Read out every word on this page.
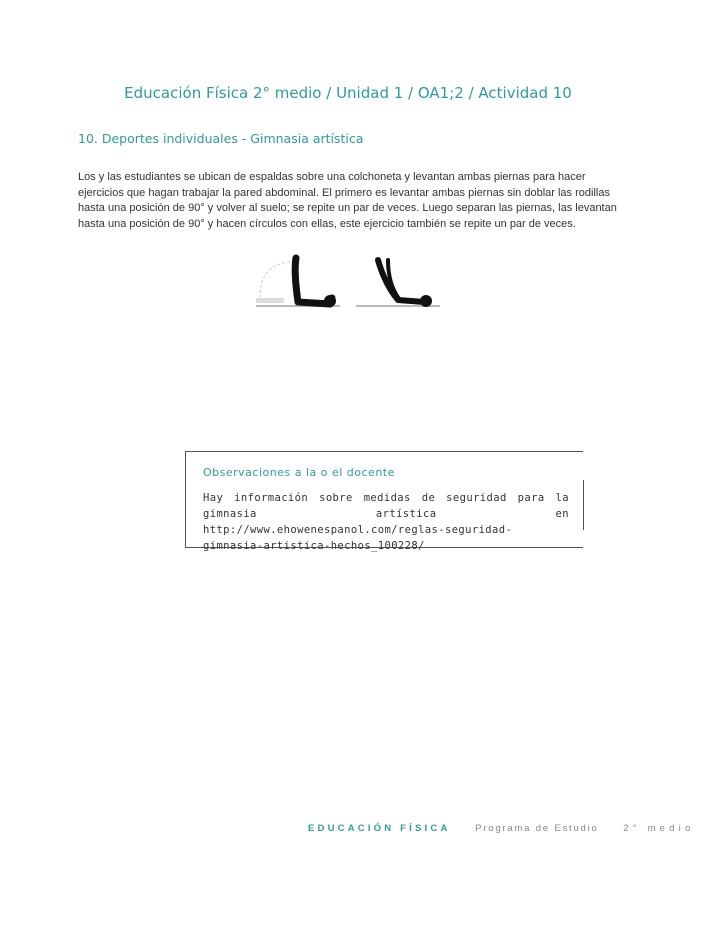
Educación Física 2° medio / Unidad 1 / OA1;2 / Actividad 10
10. Deportes individuales - Gimnasia artística

Los y las estudiantes se ubican de espaldas sobre una colchoneta y levantan ambas piernas para hacer ejercicios que hagan trabajar la pared abdominal. El primero es levantar ambas piernas sin doblar las rodillas hasta una posición de 90° y volver al suelo; se repite un par de veces. Luego separan las piernas, las levantan hasta una posición de 90° y hacen círculos con ellas, este ejercicio también se repite un par de veces.

Observaciones a la o el docente
Hay información sobre medidas de seguridad para la gimnasia artística en http://www.ehowenespanol.com/reglas-seguridad-gimnasia-artistica-hechos_100228/
EDUCACIÓN FÍSICA	Programa de Estudio	2° medio
